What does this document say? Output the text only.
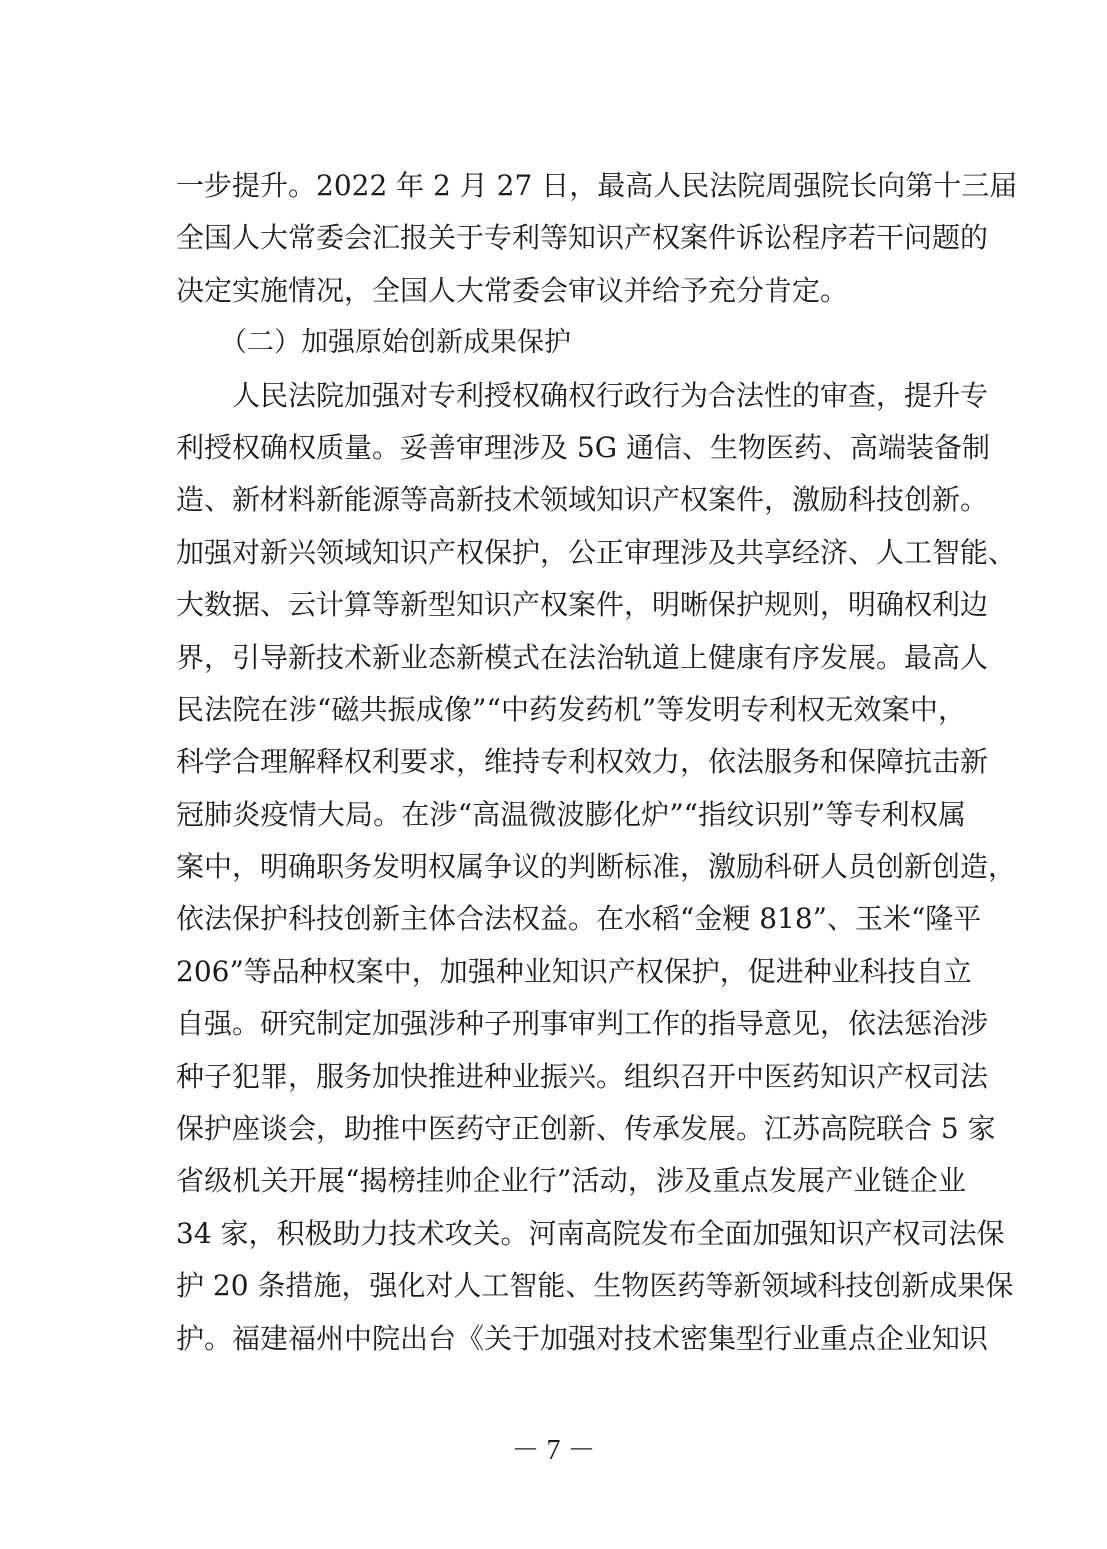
一步提升。2022 年 2 月 27 日，最高人民法院周强院长向第十三届
全国人大常委会汇报关于专利等知识产权案件诉讼程序若干问题的
决定实施情况，全国人大常委会审议并给予充分肯定。
（二）加强原始创新成果保护
人民法院加强对专利授权确权行政行为合法性的审查，提升专
利授权确权质量。妥善审理涉及 5G 通信、生物医药、高端装备制
造、新材料新能源等高新技术领域知识产权案件，激励科技创新。
加强对新兴领域知识产权保护，公正审理涉及共享经济、人工智能、
大数据、云计算等新型知识产权案件，明晰保护规则，明确权利边
界，引导新技术新业态新模式在法治轨道上健康有序发展。最高人
民法院在涉“磁共振成像”“中药发药机”等发明专利权无效案中，
科学合理解释权利要求，维持专利权效力，依法服务和保障抗击新
冠肺炎疫情大局。在涉“高温微波膨化炉”“指纹识别”等专利权属
案中，明确职务发明权属争议的判断标准，激励科研人员创新创造，
依法保护科技创新主体合法权益。在水稻“金粳 818”、玉米“隆平
206”等品种权案中，加强种业知识产权保护，促进种业科技自立
自强。研究制定加强涉种子刑事审判工作的指导意见，依法惩治涉
种子犯罪，服务加快推进种业振兴。组织召开中医药知识产权司法
保护座谈会，助推中医药守正创新、传承发展。江苏高院联合 5 家
省级机关开展“揭榜挂帅企业行”活动，涉及重点发展产业链企业
34 家，积极助力技术攻关。河南高院发布全面加强知识产权司法保
护 20 条措施，强化对人工智能、生物医药等新领域科技创新成果保
护。福建福州中院出台《关于加强对技术密集型行业重点企业知识
－ 7 －
